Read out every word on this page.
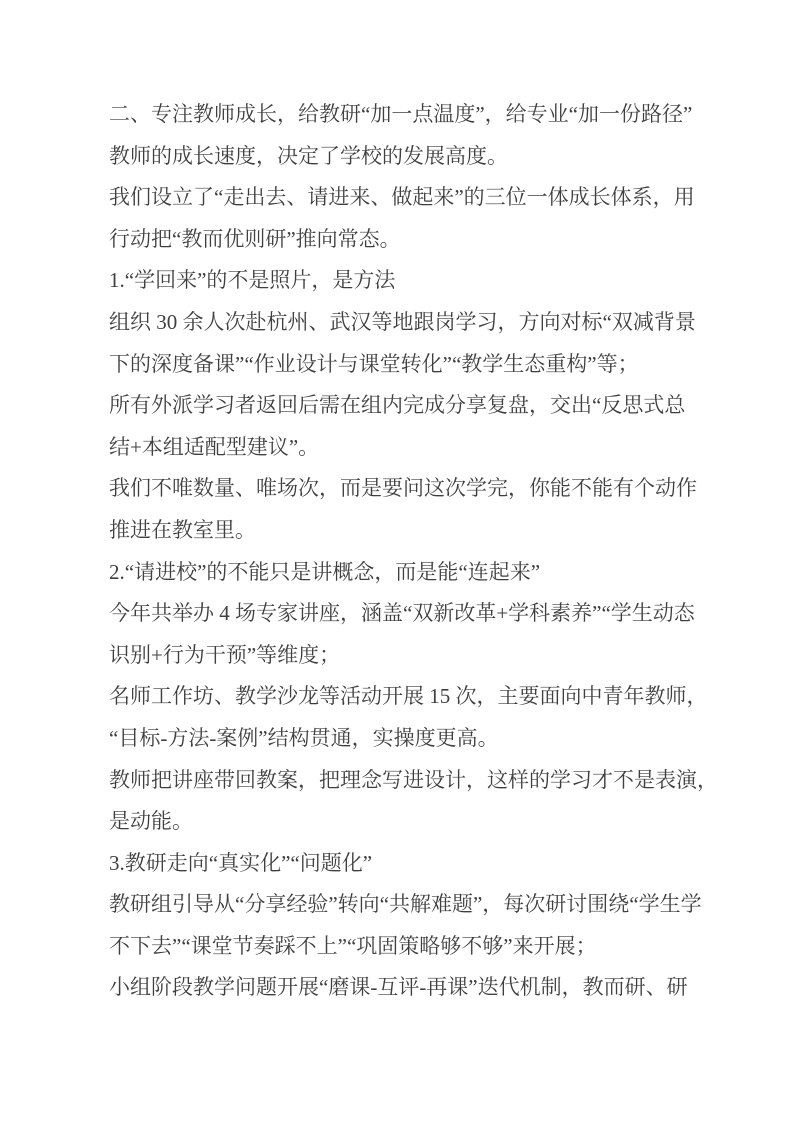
二、专注教师成长，给教研“加一点温度”，给专业“加一份路径”
教师的成长速度，决定了学校的发展高度。
我们设立了“走出去、请进来、做起来”的三位一体成长体系，用
行动把“教而优则研”推向常态。
1.“学回来”的不是照片，是方法
组织 30 余人次赴杭州、武汉等地跟岗学习，方向对标“双减背景
下的深度备课”“作业设计与课堂转化”“教学生态重构”等；
所有外派学习者返回后需在组内完成分享复盘，交出“反思式总
结+本组适配型建议”。
我们不唯数量、唯场次，而是要问这次学完，你能不能有个动作
推进在教室里。
2.“请进校”的不能只是讲概念，而是能“连起来”
今年共举办 4 场专家讲座，涵盖“双新改革+学科素养”“学生动态
识别+行为干预”等维度；
名师工作坊、教学沙龙等活动开展 15 次，主要面向中青年教师，
“目标-方法-案例”结构贯通，实操度更高。
教师把讲座带回教案，把理念写进设计，这样的学习才不是表演，
是动能。
3.教研走向“真实化”“问题化”
教研组引导从“分享经验”转向“共解难题”，每次研讨围绕“学生学
不下去”“课堂节奏踩不上”“巩固策略够不够”来开展；
小组阶段教学问题开展“磨课-互评-再课”迭代机制，教而研、研
